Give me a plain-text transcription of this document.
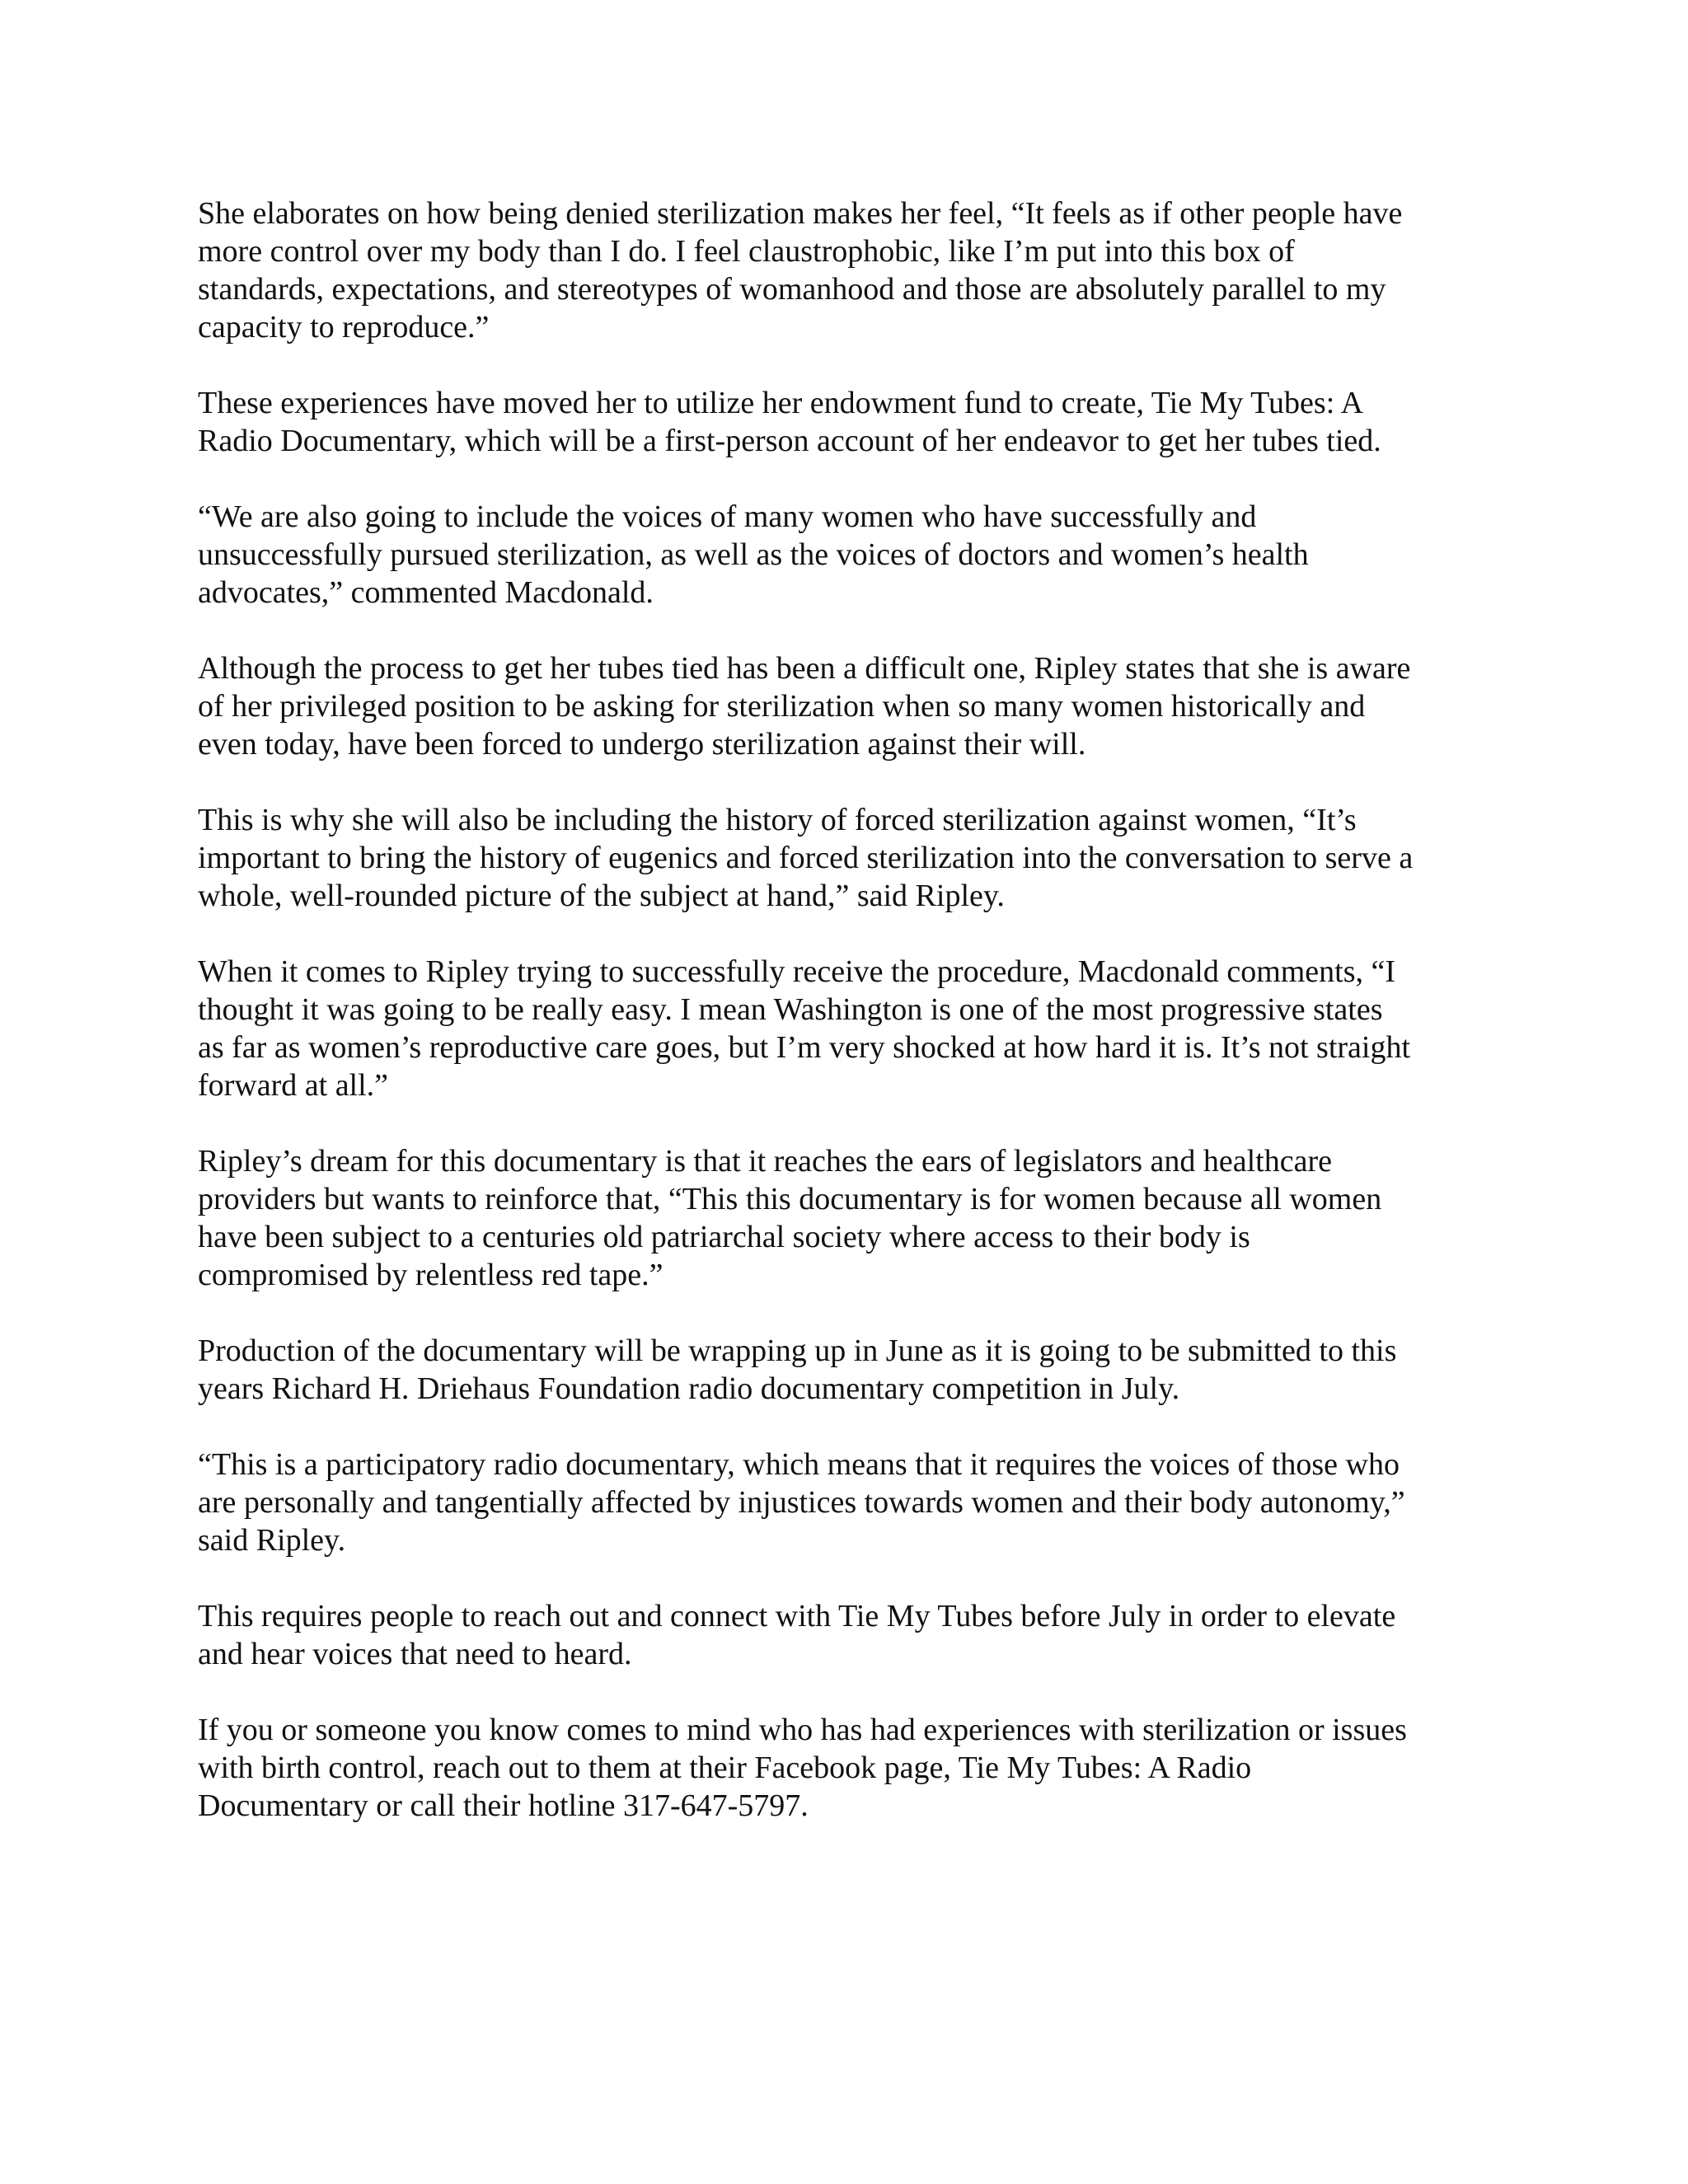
She elaborates on how being denied sterilization makes her feel, “It feels as if other people have
more control over my body than I do. I feel claustrophobic, like I’m put into this box of
standards, expectations, and stereotypes of womanhood and those are absolutely parallel to my
capacity to reproduce.”

These experiences have moved her to utilize her endowment fund to create, Tie My Tubes: A
Radio Documentary, which will be a first-person account of her endeavor to get her tubes tied.

“We are also going to include the voices of many women who have successfully and
unsuccessfully pursued sterilization, as well as the voices of doctors and women’s health
advocates,” commented Macdonald.

Although the process to get her tubes tied has been a difficult one, Ripley states that she is aware
of her privileged position to be asking for sterilization when so many women historically and
even today, have been forced to undergo sterilization against their will.

This is why she will also be including the history of forced sterilization against women, “It’s
important to bring the history of eugenics and forced sterilization into the conversation to serve a
whole, well-rounded picture of the subject at hand,” said Ripley.

When it comes to Ripley trying to successfully receive the procedure, Macdonald comments, “I
thought it was going to be really easy. I mean Washington is one of the most progressive states
as far as women’s reproductive care goes, but I’m very shocked at how hard it is. It’s not straight
forward at all.”

Ripley’s dream for this documentary is that it reaches the ears of legislators and healthcare
providers but wants to reinforce that, “This this documentary is for women because all women
have been subject to a centuries old patriarchal society where access to their body is
compromised by relentless red tape.”

Production of the documentary will be wrapping up in June as it is going to be submitted to this
years Richard H. Driehaus Foundation radio documentary competition in July.

“This is a participatory radio documentary, which means that it requires the voices of those who
are personally and tangentially affected by injustices towards women and their body autonomy,”
said Ripley.

This requires people to reach out and connect with Tie My Tubes before July in order to elevate
and hear voices that need to heard.

If you or someone you know comes to mind who has had experiences with sterilization or issues
with birth control, reach out to them at their Facebook page, Tie My Tubes: A Radio
Documentary or call their hotline 317-647-5797.
